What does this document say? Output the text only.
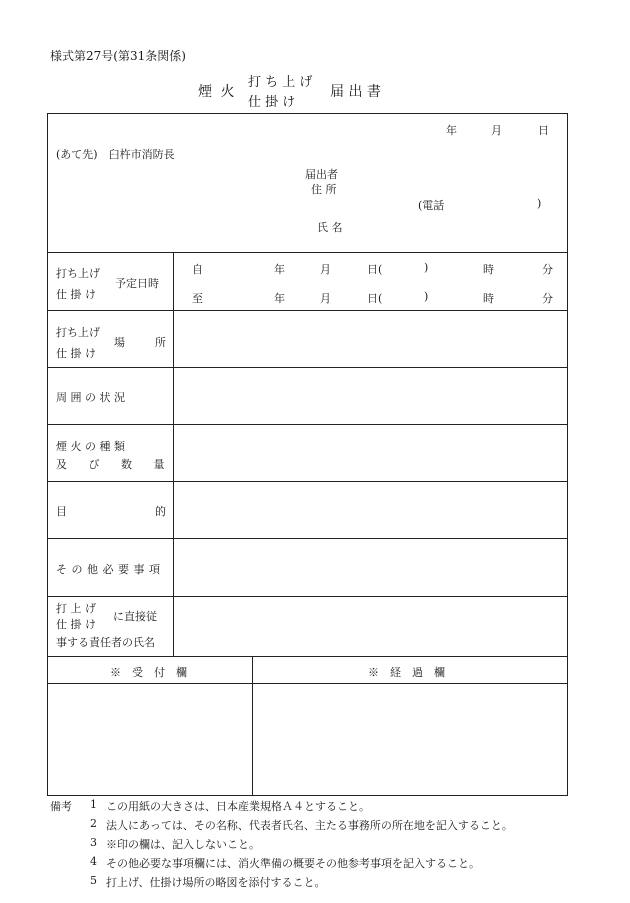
様式第27号(第31条関係)
煙 火
打 ち 上 げ
仕 掛 け
届 出 書
年	月	日
(あて先)　臼杵市消防長
届出者
住 所
(電話	)
氏 名
打ち上げ
仕 掛 け
予定日時
自	年	月	日(	)	時	分
至	年	月	日(	)	時	分
打ち上げ
仕 掛 け
場	所
周 囲 の 状 況
煙 火 の 種 類
及 び 数 量
目	的
その他必要事項
打 上 げ
仕 掛 け
に直接従
事する責任者の氏名
※　受　付　欄	※　経　過　欄
備考 1 この用紙の大きさは、日本産業規格Ａ４とすること。
2 法人にあっては、その名称、代表者氏名、主たる事務所の所在地を記入すること。
3 ※印の欄は、記入しないこと。
4 その他必要な事項欄には、消火準備の概要その他参考事項を記入すること。
5 打上げ、仕掛け場所の略図を添付すること。
